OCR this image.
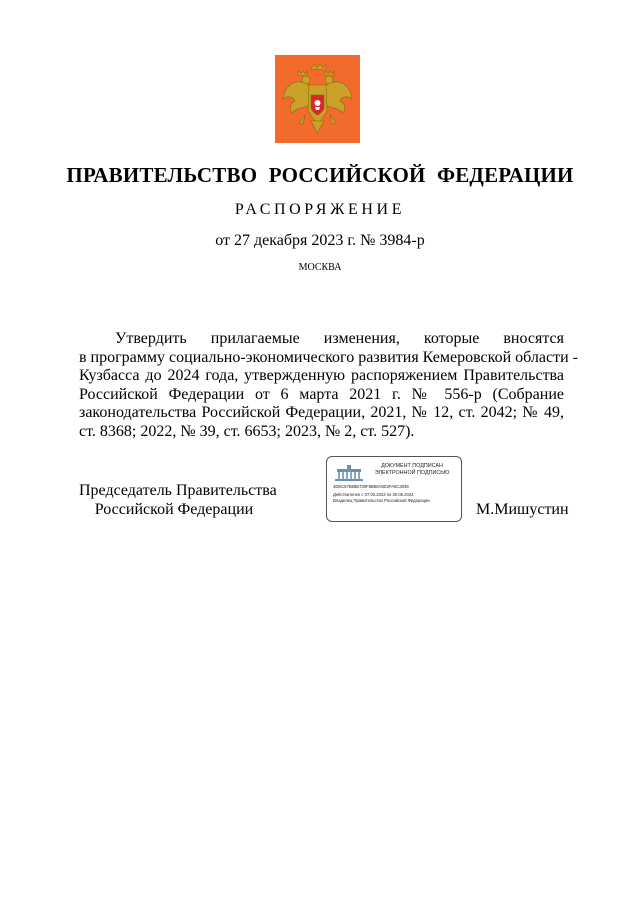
ПРАВИТЕЛЬСТВО РОССИЙСКОЙ ФЕДЕРАЦИИ
РАСПОРЯЖЕНИЕ
от 27 декабря 2023 г. № 3984-р
МОСКВА
Утвердить прилагаемые изменения, которые вносятся
в программу социально-экономического развития Кемеровской области -
Кузбасса до 2024 года, утвержденную распоряжением Правительства
Российской Федерации от 6 марта 2021 г. № 556-р (Собрание
законодательства Российской Федерации, 2021, № 12, ст. 2042; № 49,
ст. 8368; 2022, № 39, ст. 6653; 2023, № 2, ст. 527).
Председатель Правительства
Российской Федерации
ДОКУМЕНТ ПОДПИСАН
ЭЛЕКТРОННОЙ ПОДПИСЬЮ
4DEC57B68B730F8B80A6D3FA9C3038
Действителен с 07.03.2023 по 30.05.2024
Владелец Правительство Российской Федерации
М.Мишустин
